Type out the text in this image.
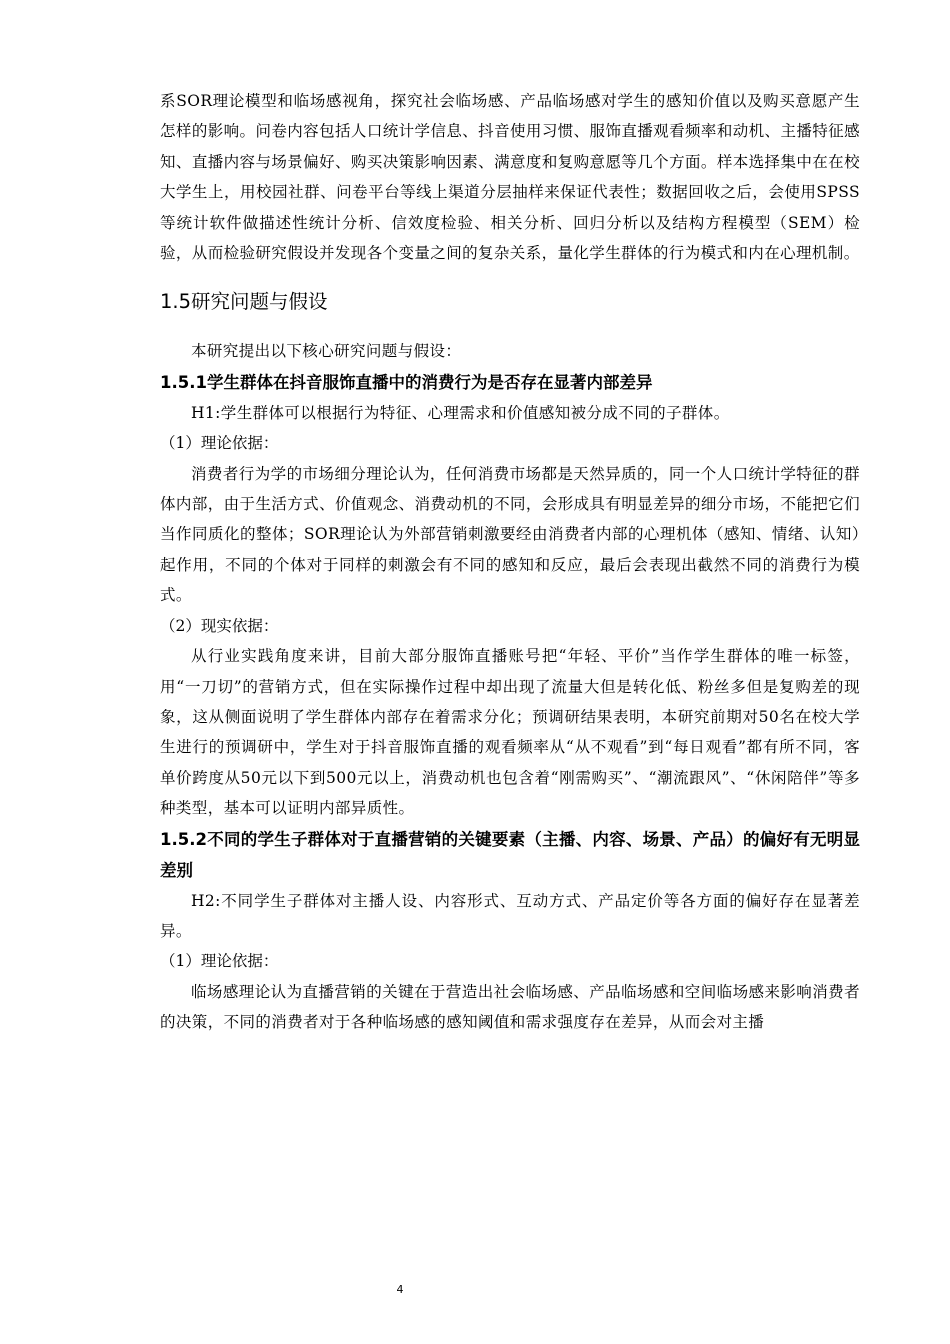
系SOR理论模型和临场感视角，探究社会临场感、产品临场感对学生的感知价值以及购买意愿产生怎样的影响。问卷内容包括人口统计学信息、抖音使用习惯、服饰直播观看频率和动机、主播特征感知、直播内容与场景偏好、购买决策影响因素、满意度和复购意愿等几个方面。样本选择集中在在校大学生上，用校园社群、问卷平台等线上渠道分层抽样来保证代表性；数据回收之后，会使用SPSS等统计软件做描述性统计分析、信效度检验、相关分析、回归分析以及结构方程模型（SEM）检验，从而检验研究假设并发现各个变量之间的复杂关系，量化学生群体的行为模式和内在心理机制。

1.5研究问题与假设

本研究提出以下核心研究问题与假设：

1.5.1学生群体在抖音服饰直播中的消费行为是否存在显著内部差异

H1:学生群体可以根据行为特征、心理需求和价值感知被分成不同的子群体。

（1）理论依据：

消费者行为学的市场细分理论认为，任何消费市场都是天然异质的，同一个人口统计学特征的群体内部，由于生活方式、价值观念、消费动机的不同，会形成具有明显差异的细分市场，不能把它们当作同质化的整体；SOR理论认为外部营销刺激要经由消费者内部的心理机体（感知、情绪、认知）起作用，不同的个体对于同样的刺激会有不同的感知和反应，最后会表现出截然不同的消费行为模式。

（2）现实依据：

从行业实践角度来讲，目前大部分服饰直播账号把“年轻、平价”当作学生群体的唯一标签，用“一刀切”的营销方式，但在实际操作过程中却出现了流量大但是转化低、粉丝多但是复购差的现象，这从侧面说明了学生群体内部存在着需求分化；预调研结果表明，本研究前期对50名在校大学生进行的预调研中，学生对于抖音服饰直播的观看频率从“从不观看”到“每日观看”都有所不同，客单价跨度从50元以下到500元以上，消费动机也包含着“刚需购买”、“潮流跟风”、“休闲陪伴”等多种类型，基本可以证明内部异质性。

1.5.2不同的学生子群体对于直播营销的关键要素（主播、内容、场景、产品）的偏好有无明显差别

H2:不同学生子群体对主播人设、内容形式、互动方式、产品定价等各方面的偏好存在显著差异。

（1）理论依据：

临场感理论认为直播营销的关键在于营造出社会临场感、产品临场感和空间临场感来影响消费者的决策，不同的消费者对于各种临场感的感知阈值和需求强度存在差异，从而会对主播

4
